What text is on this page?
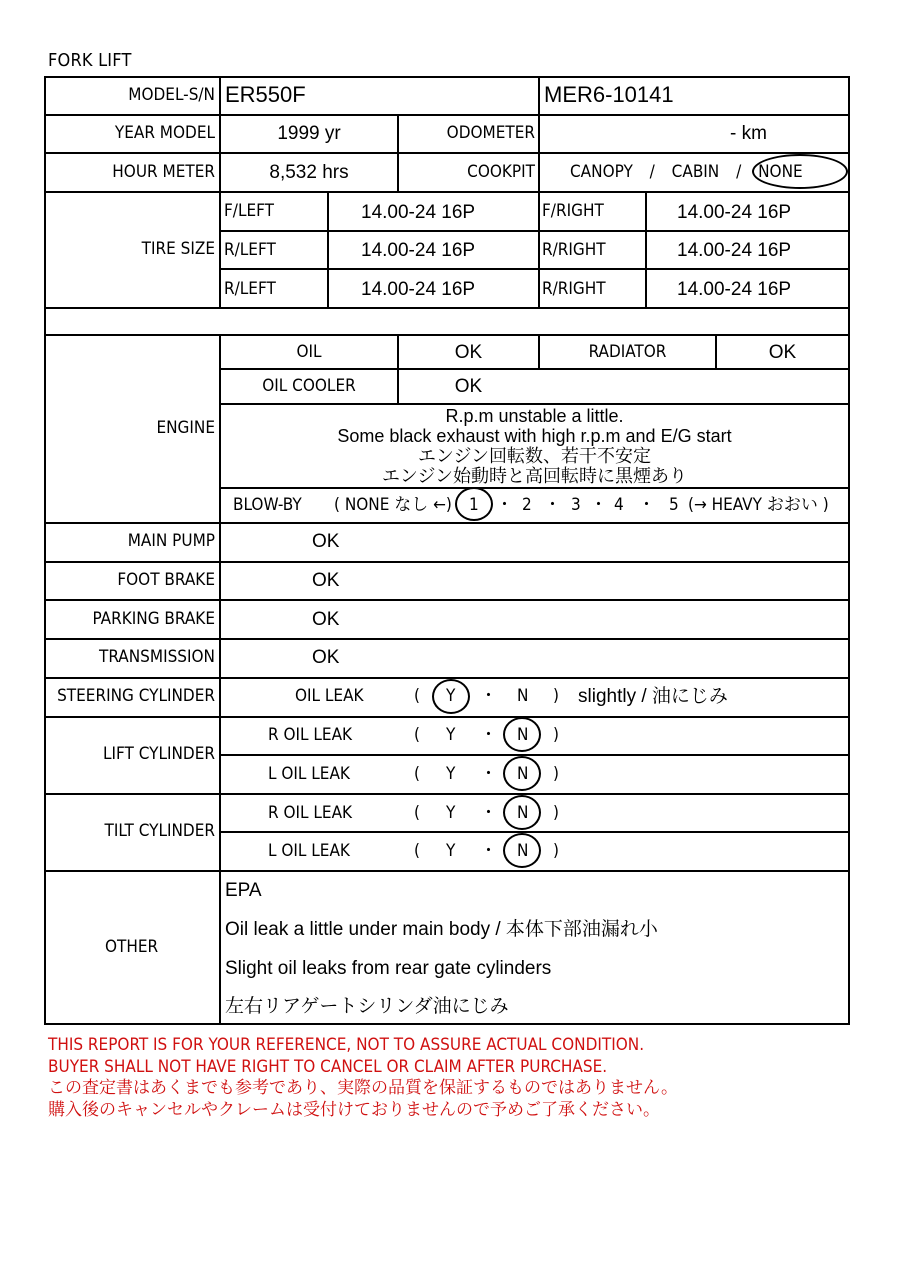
FORK LIFT
MODEL-S/N ER550F	MER6-10141
YEAR MODEL	1999 yr	ODOMETER	- km
HOUR METER	8,532 hrs	COOKPIT CANOPY / CABIN / NONE
TIRE SIZE
F/LEFT	14.00-24 16P	F/RIGHT	14.00-24 16P
R/LEFT	14.00-24 16P	R/RIGHT	14.00-24 16P
R/LEFT	14.00-24 16P	R/RIGHT	14.00-24 16P
ENGINE
OIL	OK	RADIATOR	OK
OIL COOLER	OK
R.p.m unstable a little.
Some black exhaust with high r.p.m and E/G start
エンジン回転数、若干不安定
エンジン始動時と高回転時に黒煙あり
BLOW-BY ( NONE なし ←) 1 ・ 2 ・ 3 ・ 4 ・ 5 (→ HEAVY おおい )
MAIN PUMP	OK
FOOT BRAKE	OK
PARKING BRAKE	OK
TRANSMISSION	OK
STEERING CYLINDER	OIL LEAK	( Y ・ N ) slightly / 油にじみ
LIFT CYLINDER
R OIL LEAK	( Y ・ N )
L OIL LEAK	( Y ・ N )
TILT CYLINDER
R OIL LEAK	( Y ・ N )
L OIL LEAK	( Y ・ N )
OTHER
EPA
Oil leak a little under main body / 本体下部油漏れ小
Slight oil leaks from rear gate cylinders
左右リアゲートシリンダ油にじみ
THIS REPORT IS FOR YOUR REFERENCE, NOT TO ASSURE ACTUAL CONDITION.
BUYER SHALL NOT HAVE RIGHT TO CANCEL OR CLAIM AFTER PURCHASE.
この査定書はあくまでも参考であり、実際の品質を保証するものではありません。
購入後のキャンセルやクレームは受付けておりませんので予めご了承ください。
